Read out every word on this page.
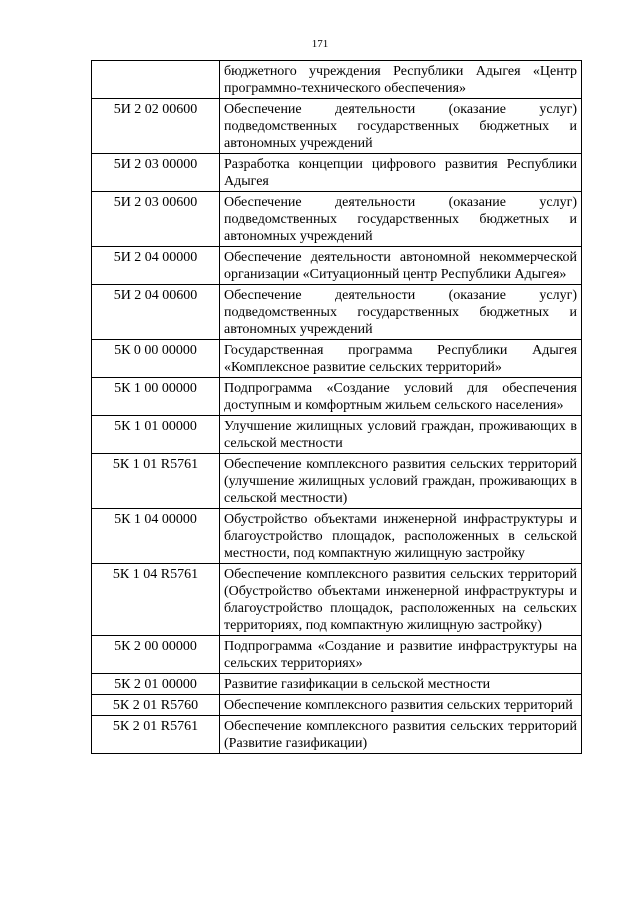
171
	бюджетного учреждения Республики Адыгея «Центр программно-технического обеспечения»
5И 2 02 00600	Обеспечение деятельности (оказание услуг) подведомственных государственных бюджетных и автономных учреждений
5И 2 03 00000	Разработка концепции цифрового развития Республики Адыгея
5И 2 03 00600	Обеспечение деятельности (оказание услуг) подведомственных государственных бюджетных и автономных учреждений
5И 2 04 00000	Обеспечение деятельности автономной некоммерческой организации «Ситуационный центр Республики Адыгея»
5И 2 04 00600	Обеспечение деятельности (оказание услуг) подведомственных государственных бюджетных и автономных учреждений
5К 0 00 00000	Государственная программа Республики Адыгея «Комплексное развитие сельских территорий»
5К 1 00 00000	Подпрограмма «Создание условий для обеспечения доступным и комфортным жильем сельского населения»
5К 1 01 00000	Улучшение жилищных условий граждан, проживающих в сельской местности
5К 1 01 R5761	Обеспечение комплексного развития сельских территорий (улучшение жилищных условий граждан, проживающих в сельской местности)
5К 1 04 00000	Обустройство объектами инженерной инфраструктуры и благоустройство площадок, расположенных в сельской местности, под компактную жилищную застройку
5К 1 04 R5761	Обеспечение комплексного развития сельских территорий (Обустройство объектами инженерной инфраструктуры и благоустройство площадок, расположенных на сельских территориях, под компактную жилищную застройку)
5К 2 00 00000	Подпрограмма «Создание и развитие инфраструктуры на сельских территориях»
5К 2 01 00000	Развитие газификации в сельской местности
5К 2 01 R5760	Обеспечение комплексного развития сельских территорий
5К 2 01 R5761	Обеспечение комплексного развития сельских территорий (Развитие газификации)
